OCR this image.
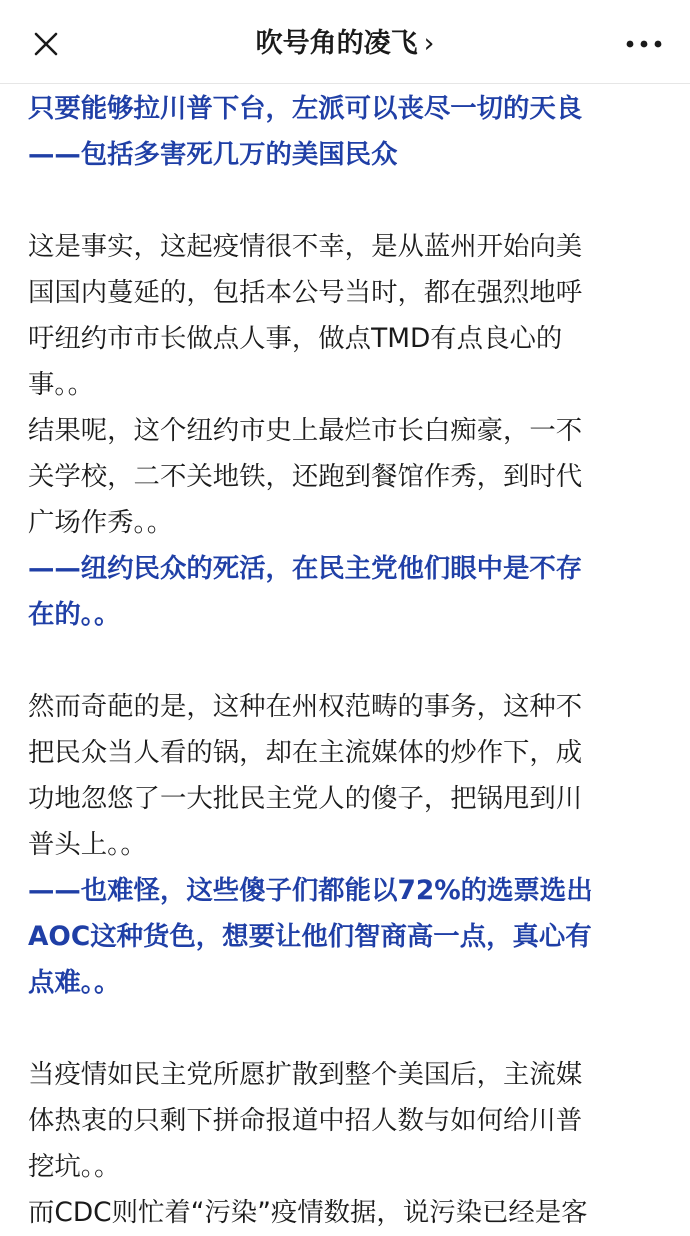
吹号角的凌飞 ›

只要能够拉川普下台，左派可以丧尽一切的天良

——包括多害死几万的美国民众

这是事实，这起疫情很不幸，是从蓝州开始向美

国国内蔓延的，包括本公号当时，都在强烈地呼

吁纽约市市长做点人事，做点TMD有点良心的

事。。

结果呢，这个纽约市史上最烂市长白痴豪，一不

关学校，二不关地铁，还跑到餐馆作秀，到时代

广场作秀。。

——纽约民众的死活，在民主党他们眼中是不存

在的。。

然而奇葩的是，这种在州权范畴的事务，这种不

把民众当人看的锅，却在主流媒体的炒作下，成

功地忽悠了一大批民主党人的傻子，把锅甩到川

普头上。。

——也难怪，这些傻子们都能以72%的选票选出

AOC这种货色，想要让他们智商高一点，真心有

点难。。

当疫情如民主党所愿扩散到整个美国后，主流媒

体热衷的只剩下拼命报道中招人数与如何给川普

挖坑。。

而CDC则忙着“污染”疫情数据，说污染已经是客
